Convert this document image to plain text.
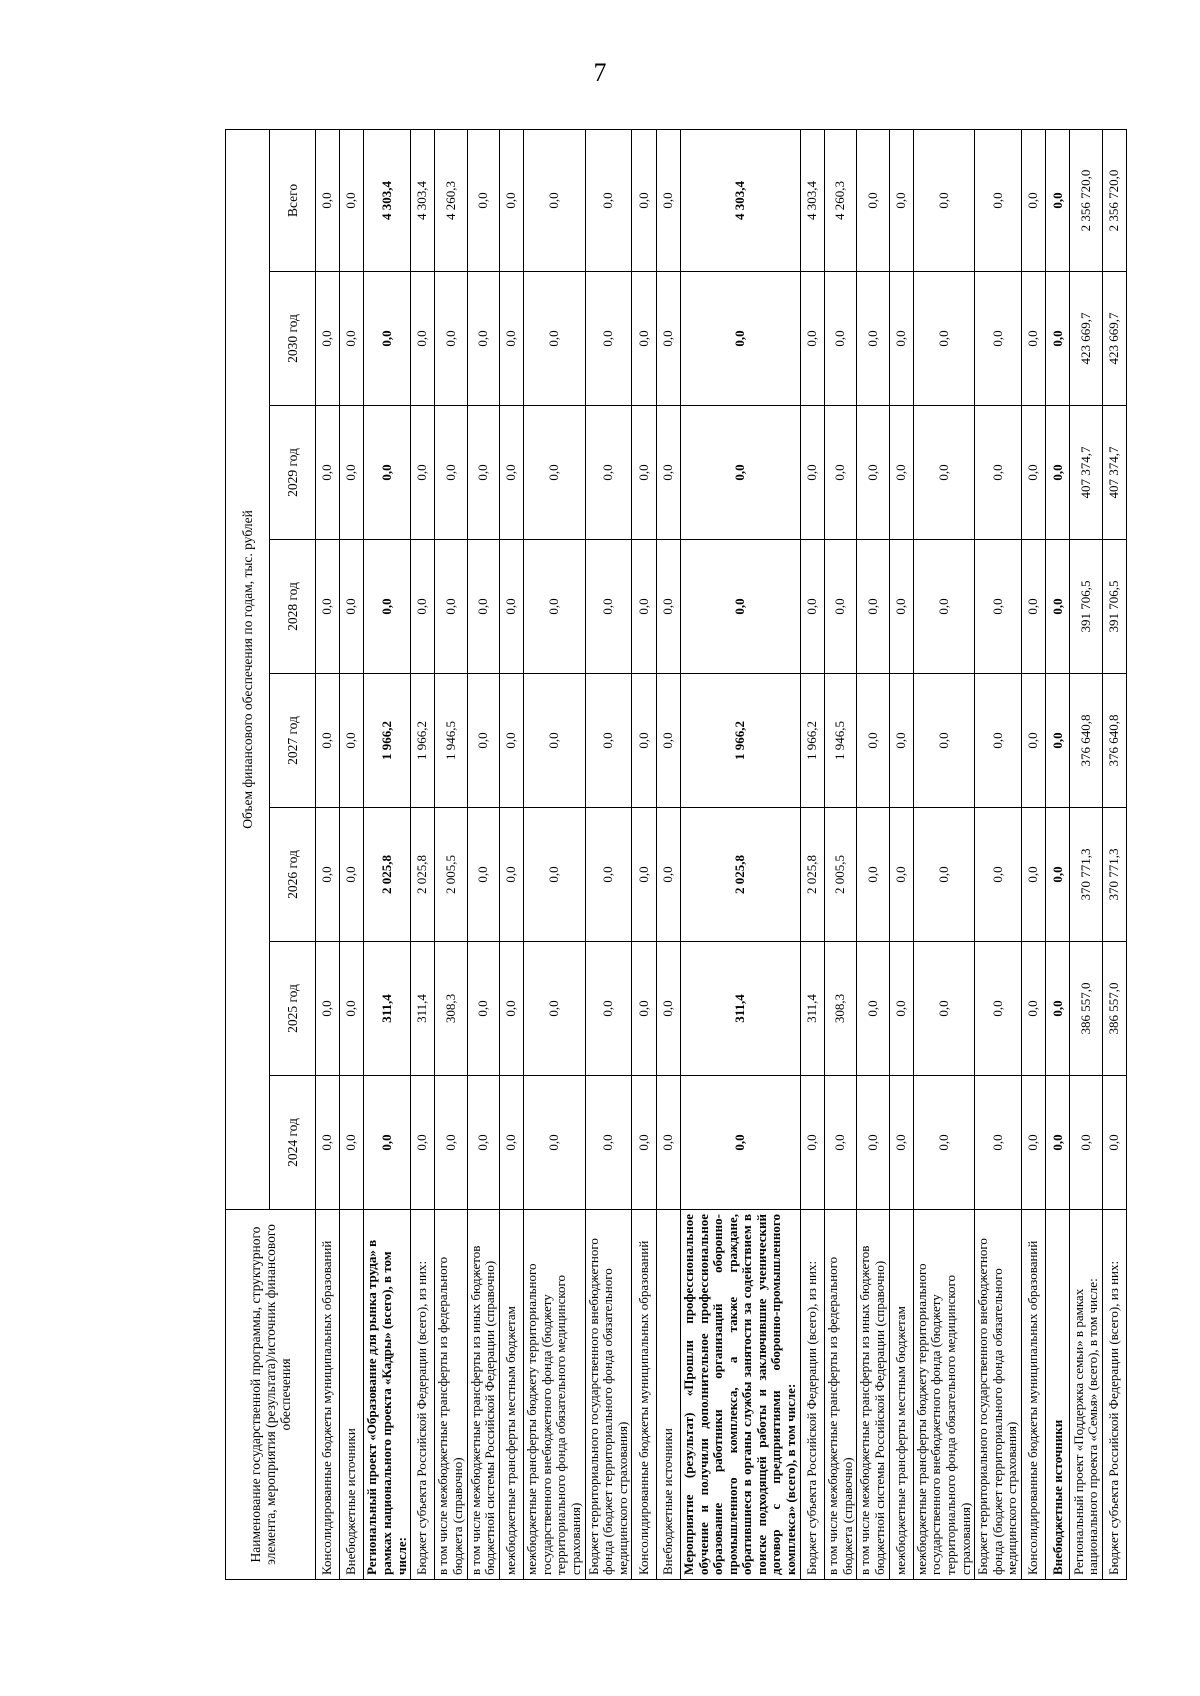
7
Наименование государственной программы, структурного элемента, мероприятия (результата)/источник финансового обеспечения	Объем финансового обеспечения по годам, тыс. рублей							
	2024 год	2025 год	2026 год	2027 год	2028 год	2029 год	2030 год	Всего
Консолидированные бюджеты муниципальных образований	0,0	0,0	0,0	0,0	0,0	0,0	0,0	0,0
Внебюджетные источники	0,0	0,0	0,0	0,0	0,0	0,0	0,0	0,0
Региональный проект «Образование для рынка труда» в рамках национального проекта «Кадры» (всего), в том числе:	0,0	311,4	2 025,8	1 966,2	0,0	0,0	0,0	4 303,4
Бюджет субъекта Российской Федерации (всего), из них:	0,0	311,4	2 025,8	1 966,2	0,0	0,0	0,0	4 303,4
в том числе межбюджетные трансферты из федерального бюджета (справочно)	0,0	308,3	2 005,5	1 946,5	0,0	0,0	0,0	4 260,3
в том числе межбюджетные трансферты из иных бюджетов бюджетной системы Российской Федерации (справочно)	0,0	0,0	0,0	0,0	0,0	0,0	0,0	0,0
межбюджетные трансферты местным бюджетам	0,0	0,0	0,0	0,0	0,0	0,0	0,0	0,0
межбюджетные трансферты бюджету территориального государственного внебюджетного фонда (бюджету территориального фонда обязательного медицинского страхования)	0,0	0,0	0,0	0,0	0,0	0,0	0,0	0,0
Бюджет территориального государственного внебюджетного фонда (бюджет территориального фонда обязательного медицинского страхования)	0,0	0,0	0,0	0,0	0,0	0,0	0,0	0,0
Консолидированные бюджеты муниципальных образований	0,0	0,0	0,0	0,0	0,0	0,0	0,0	0,0
Внебюджетные источники	0,0	0,0	0,0	0,0	0,0	0,0	0,0	0,0
Мероприятие (результат) «Прошли профессиональное обучение и получили дополнительное профессиональное образование работники организаций оборонно-промышленного комплекса, а также граждане, обратившиеся в органы службы занятости за содействием в поиске подходящей работы и заключившие ученический договор с предприятиями оборонно-промышленного комплекса» (всего), в том числе:	0,0	311,4	2 025,8	1 966,2	0,0	0,0	0,0	4 303,4
Бюджет субъекта Российской Федерации (всего), из них:	0,0	311,4	2 025,8	1 966,2	0,0	0,0	0,0	4 303,4
в том числе межбюджетные трансферты из федерального бюджета (справочно)	0,0	308,3	2 005,5	1 946,5	0,0	0,0	0,0	4 260,3
в том числе межбюджетные трансферты из иных бюджетов бюджетной системы Российской Федерации (справочно)	0,0	0,0	0,0	0,0	0,0	0,0	0,0	0,0
межбюджетные трансферты местным бюджетам	0,0	0,0	0,0	0,0	0,0	0,0	0,0	0,0
межбюджетные трансферты бюджету территориального государственного внебюджетного фонда (бюджету территориального фонда обязательного медицинского страхования)	0,0	0,0	0,0	0,0	0,0	0,0	0,0	0,0
Бюджет территориального государственного внебюджетного фонда (бюджет территориального фонда обязательного медицинского страхования)	0,0	0,0	0,0	0,0	0,0	0,0	0,0	0,0
Консолидированные бюджеты муниципальных образований	0,0	0,0	0,0	0,0	0,0	0,0	0,0	0,0
Внебюджетные источники	0,0	0,0	0,0	0,0	0,0	0,0	0,0	0,0
Региональный проект «Поддержка семьи» в рамках национального проекта «Семья» (всего), в том числе:	0,0	386 557,0	370 771,3	376 640,8	391 706,5	407 374,7	423 669,7	2 356 720,0
Бюджет субъекта Российской Федерации (всего), из них:	0,0	386 557,0	370 771,3	376 640,8	391 706,5	407 374,7	423 669,7	2 356 720,0
